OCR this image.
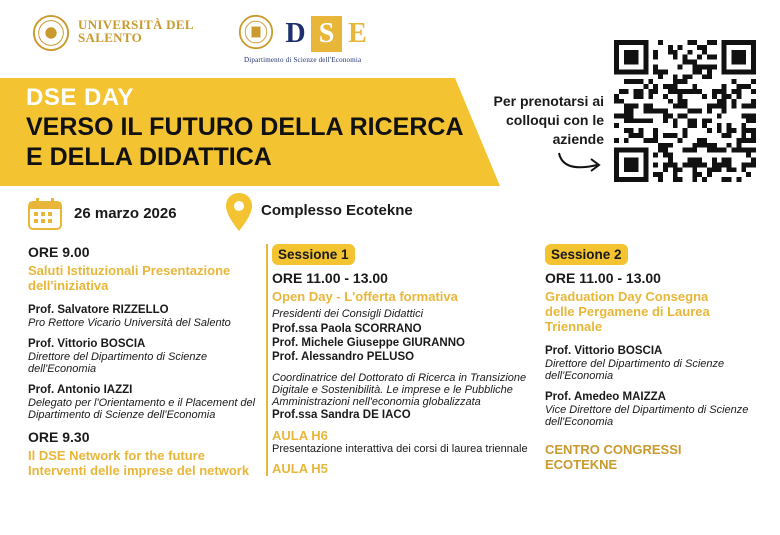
UNIVERSITÀ DEL SALENTO	D S E
Dipartimento di Scienze dell'Economia
DSE DAY
VERSO IL FUTURO DELLA RICERCA E DELLA DIDATTICA
Per prenotarsi ai colloqui con le aziende
26 marzo 2026	Complesso Ecotekne
ORE 9.00
Saluti Istituzionali Presentazione dell'iniziativa
Prof. Salvatore RIZZELLO
Pro Rettore Vicario Università del Salento
Prof. Vittorio BOSCIA
Direttore del Dipartimento di Scienze dell'Economia
Prof. Antonio IAZZI
Delegato per l'Orientamento e il Placement del Dipartimento di Scienze dell'Economia
ORE 9.30
Il DSE Network for the future Interventi delle imprese del network
Sessione 1
ORE 11.00 - 13.00
Open Day - L'offerta formativa
Presidenti dei Consigli Didattici
Prof.ssa Paola SCORRANO
Prof. Michele Giuseppe GIURANNO
Prof. Alessandro PELUSO
Coordinatrice del Dottorato di Ricerca in Transizione Digitale e Sostenibilità. Le imprese e le Pubbliche Amministrazioni nell'economia globalizzata
Prof.ssa Sandra DE IACO
AULA H6
Presentazione interattiva dei corsi di laurea triennale
AULA H5
Sessione 2
ORE 11.00 - 13.00
Graduation Day Consegna delle Pergamene di Laurea Triennale
Prof. Vittorio BOSCIA
Direttore del Dipartimento di Scienze dell'Economia
Prof. Amedeo MAIZZA
Vice Direttore del Dipartimento di Scienze dell'Economia
CENTRO CONGRESSI ECOTEKNE
